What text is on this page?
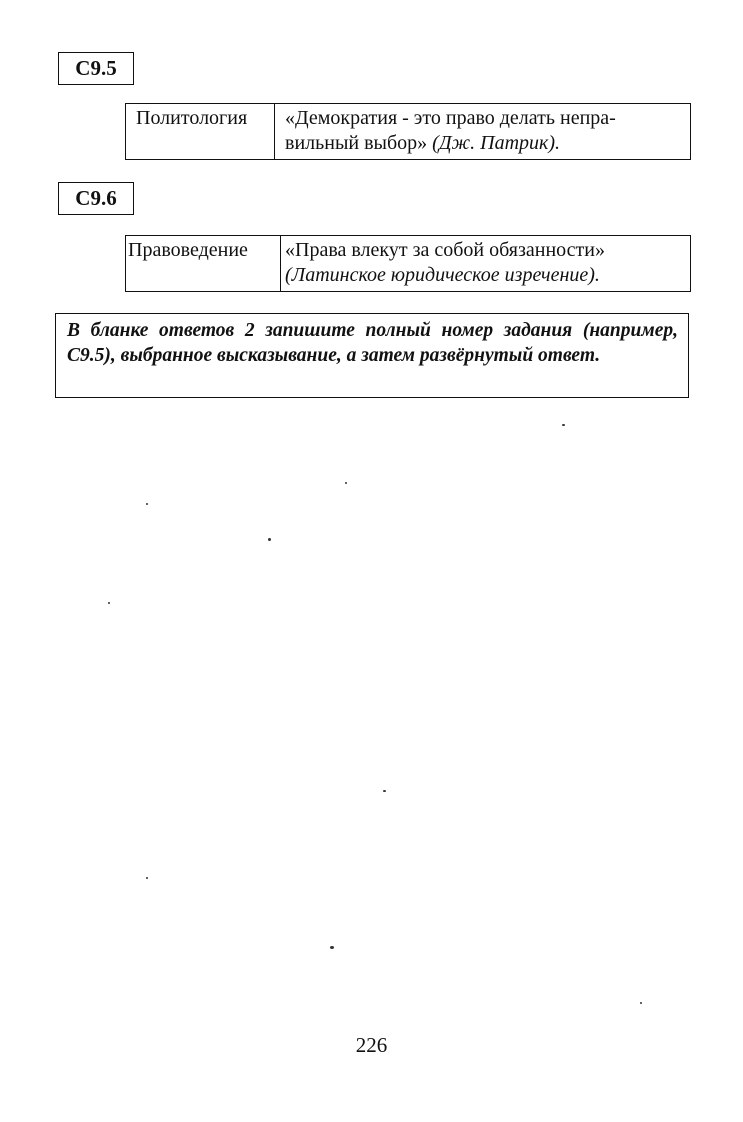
С9.5
Политология	«Демократия - это право делать непра-
вильный выбор» (Дж. Патрик).
С9.6
Правоведение	«Права влекут за собой обязанности»
(Латинское юридическое изречение).
В бланке ответов 2 запишите полный номер задания (например, С9.5), выбранное высказывание, а затем развёрнутый ответ.
226
